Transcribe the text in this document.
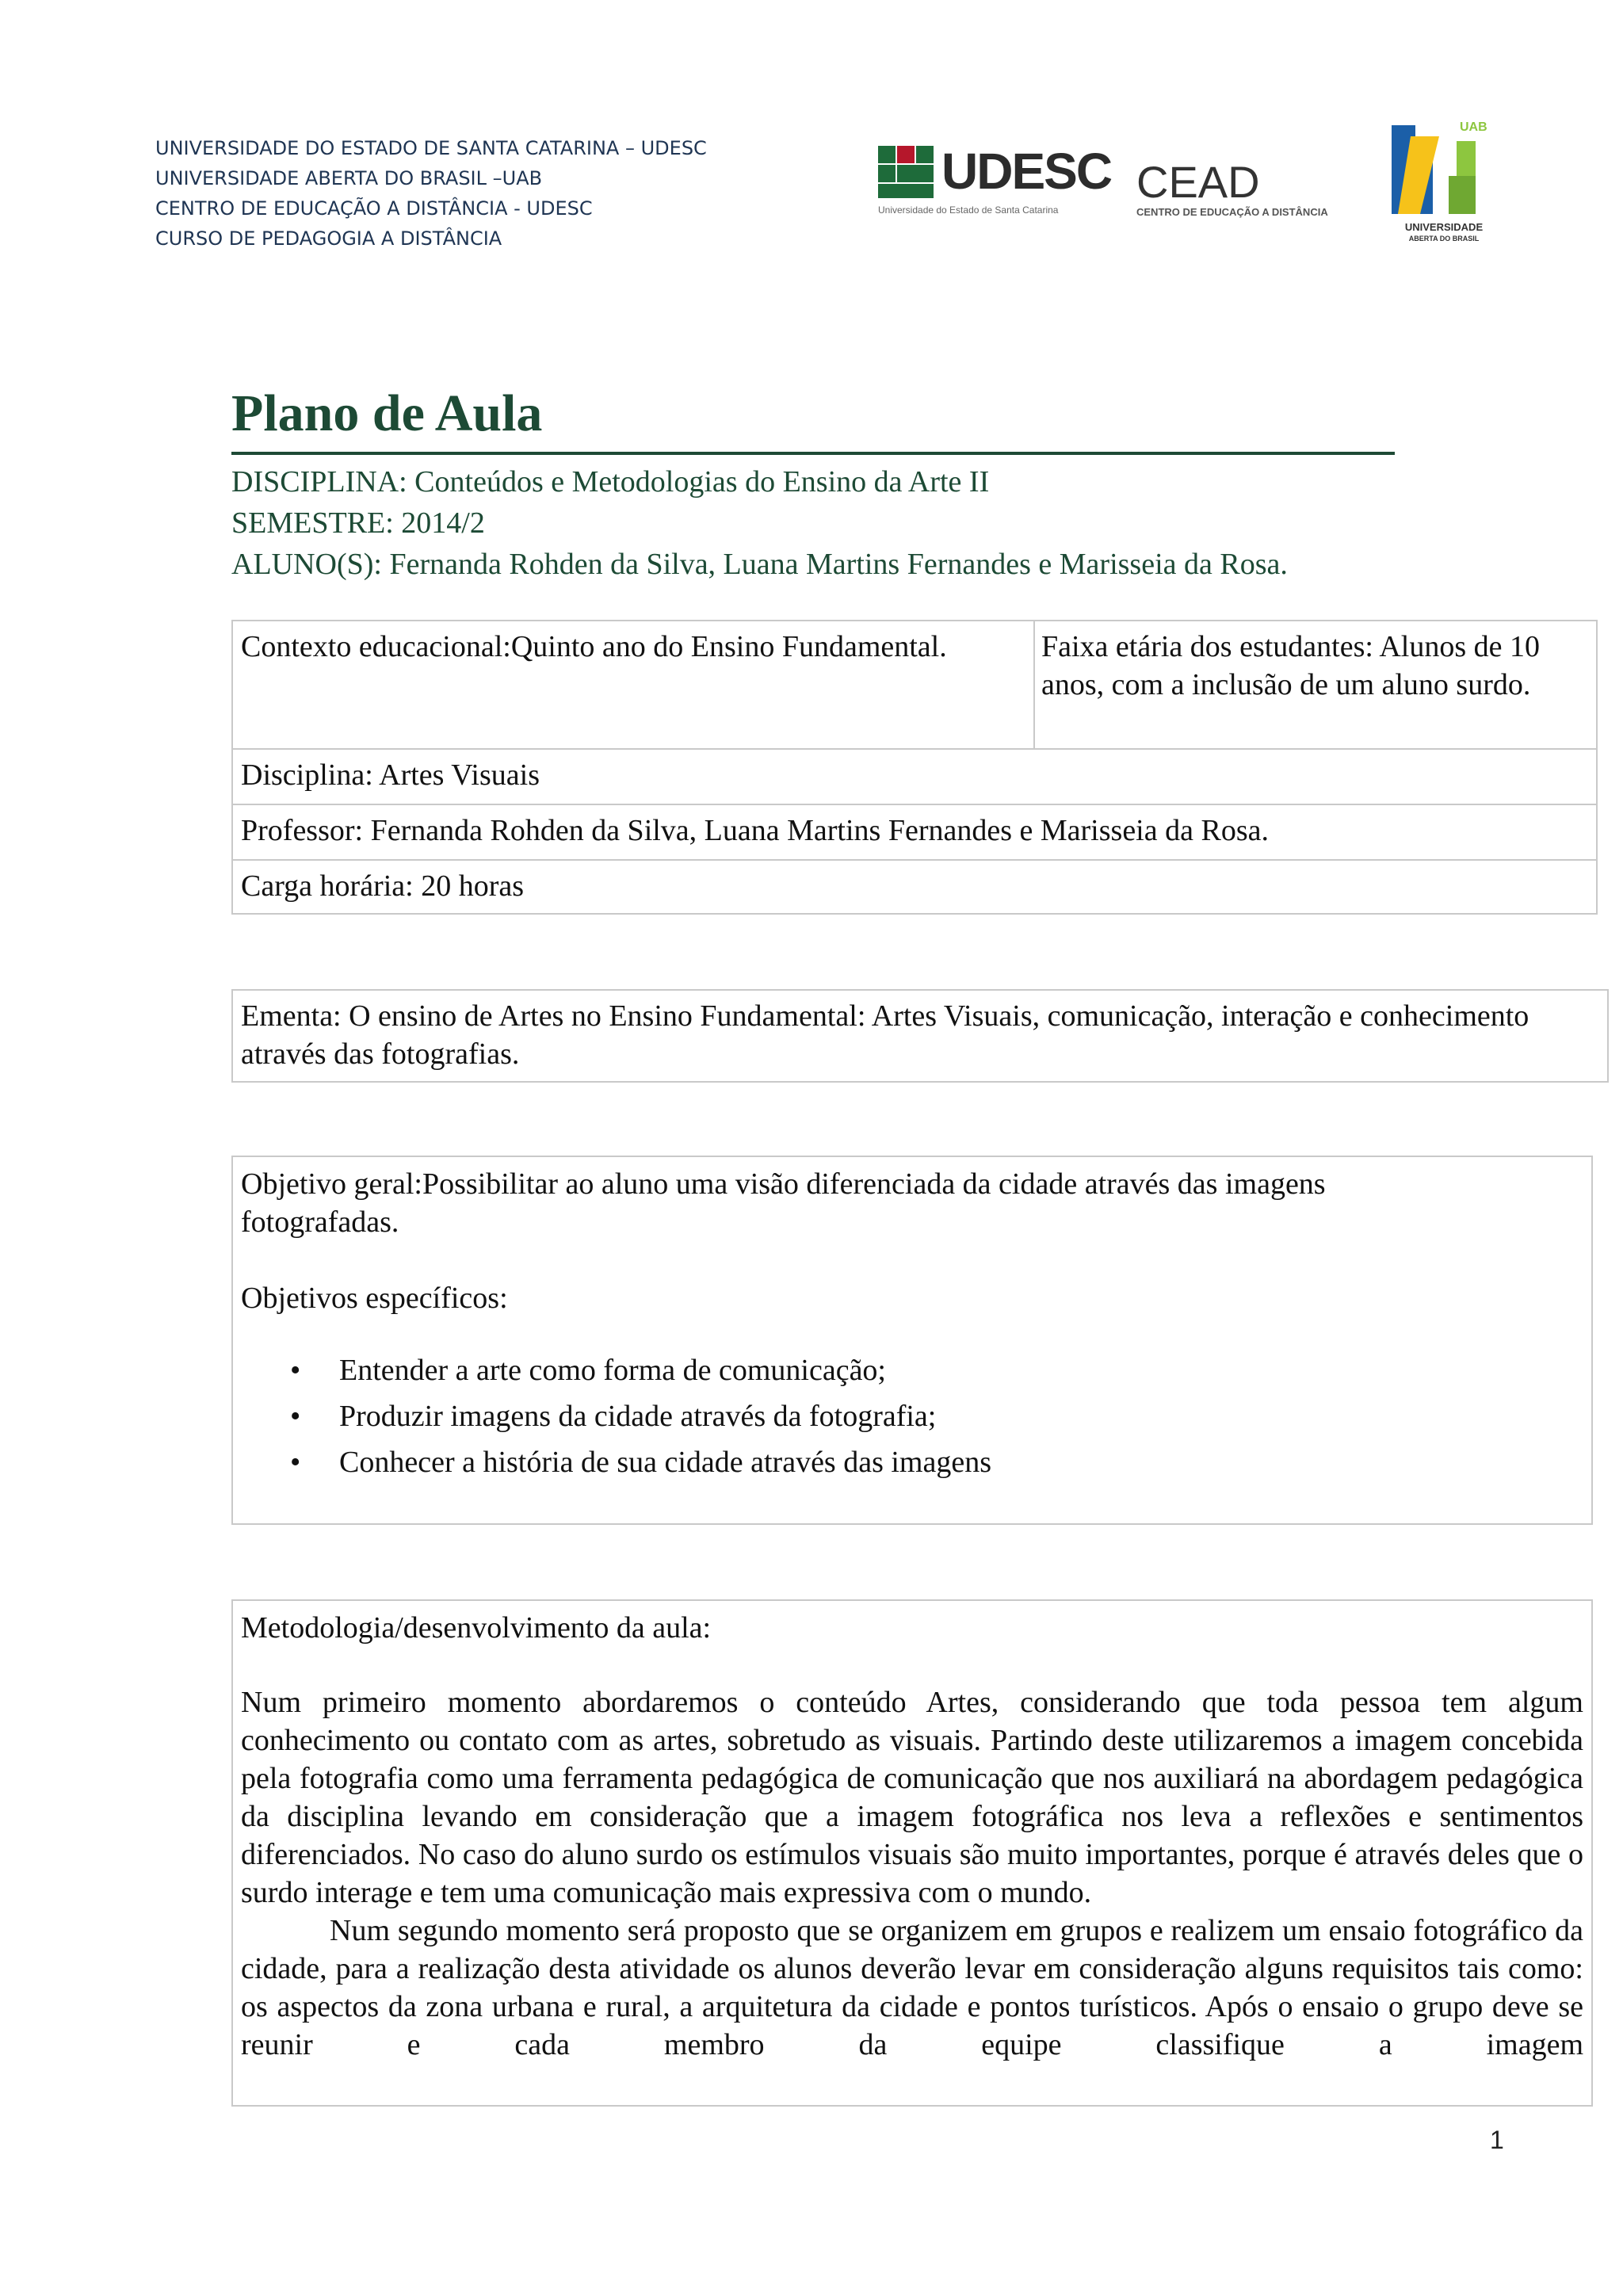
UNIVERSIDADE DO ESTADO DE SANTA CATARINA – UDESC
UNIVERSIDADE ABERTA DO BRASIL –UAB
CENTRO DE EDUCAÇÃO A DISTÂNCIA - UDESC
CURSO DE PEDAGOGIA A DISTÂNCIA
UDESC
Universidade do Estado de Santa Catarina
CEAD
CENTRO DE EDUCAÇÃO A DISTÂNCIA
UAB
UNIVERSIDADE
ABERTA DO BRASIL
Plano de Aula
DISCIPLINA: Conteúdos e Metodologias do Ensino da Arte II
SEMESTRE: 2014/2
ALUNO(S): Fernanda Rohden da Silva, Luana Martins Fernandes e Marisseia da Rosa.
Contexto educacional:Quinto ano do Ensino Fundamental.	Faixa etária dos estudantes: Alunos de 10 anos, com a inclusão de um aluno surdo.
Disciplina: Artes Visuais
Professor: Fernanda Rohden da Silva, Luana Martins Fernandes e Marisseia da Rosa.
Carga horária: 20 horas
Ementa: O ensino de Artes no Ensino Fundamental: Artes Visuais, comunicação, interação e conhecimento através das fotografias.
Objetivo geral:Possibilitar ao aluno uma visão diferenciada da cidade através das imagens fotografadas.
Objetivos específicos:
• Entender a arte como forma de comunicação;
• Produzir imagens da cidade através da fotografia;
• Conhecer a história de sua cidade através das imagens
Metodologia/desenvolvimento da aula:

Num primeiro momento abordaremos o conteúdo Artes, considerando que toda pessoa tem algum conhecimento ou contato com as artes, sobretudo as visuais. Partindo deste utilizaremos a imagem concebida pela fotografia como uma ferramenta pedagógica de comunicação que nos auxiliará na abordagem pedagógica da disciplina levando em consideração que a imagem fotográfica nos leva a reflexões e sentimentos diferenciados. No caso do aluno surdo os estímulos visuais são muito importantes, porque é através deles que o surdo interage e tem uma comunicação mais expressiva com o mundo.

Num segundo momento será proposto que se organizem em grupos e realizem um ensaio fotográfico da cidade, para a realização desta atividade os alunos deverão levar em consideração alguns requisitos tais como: os aspectos da zona urbana e rural, a arquitetura da cidade e pontos turísticos. Após o ensaio o grupo deve se reunir e cada membro da equipe classifique a imagem

1
